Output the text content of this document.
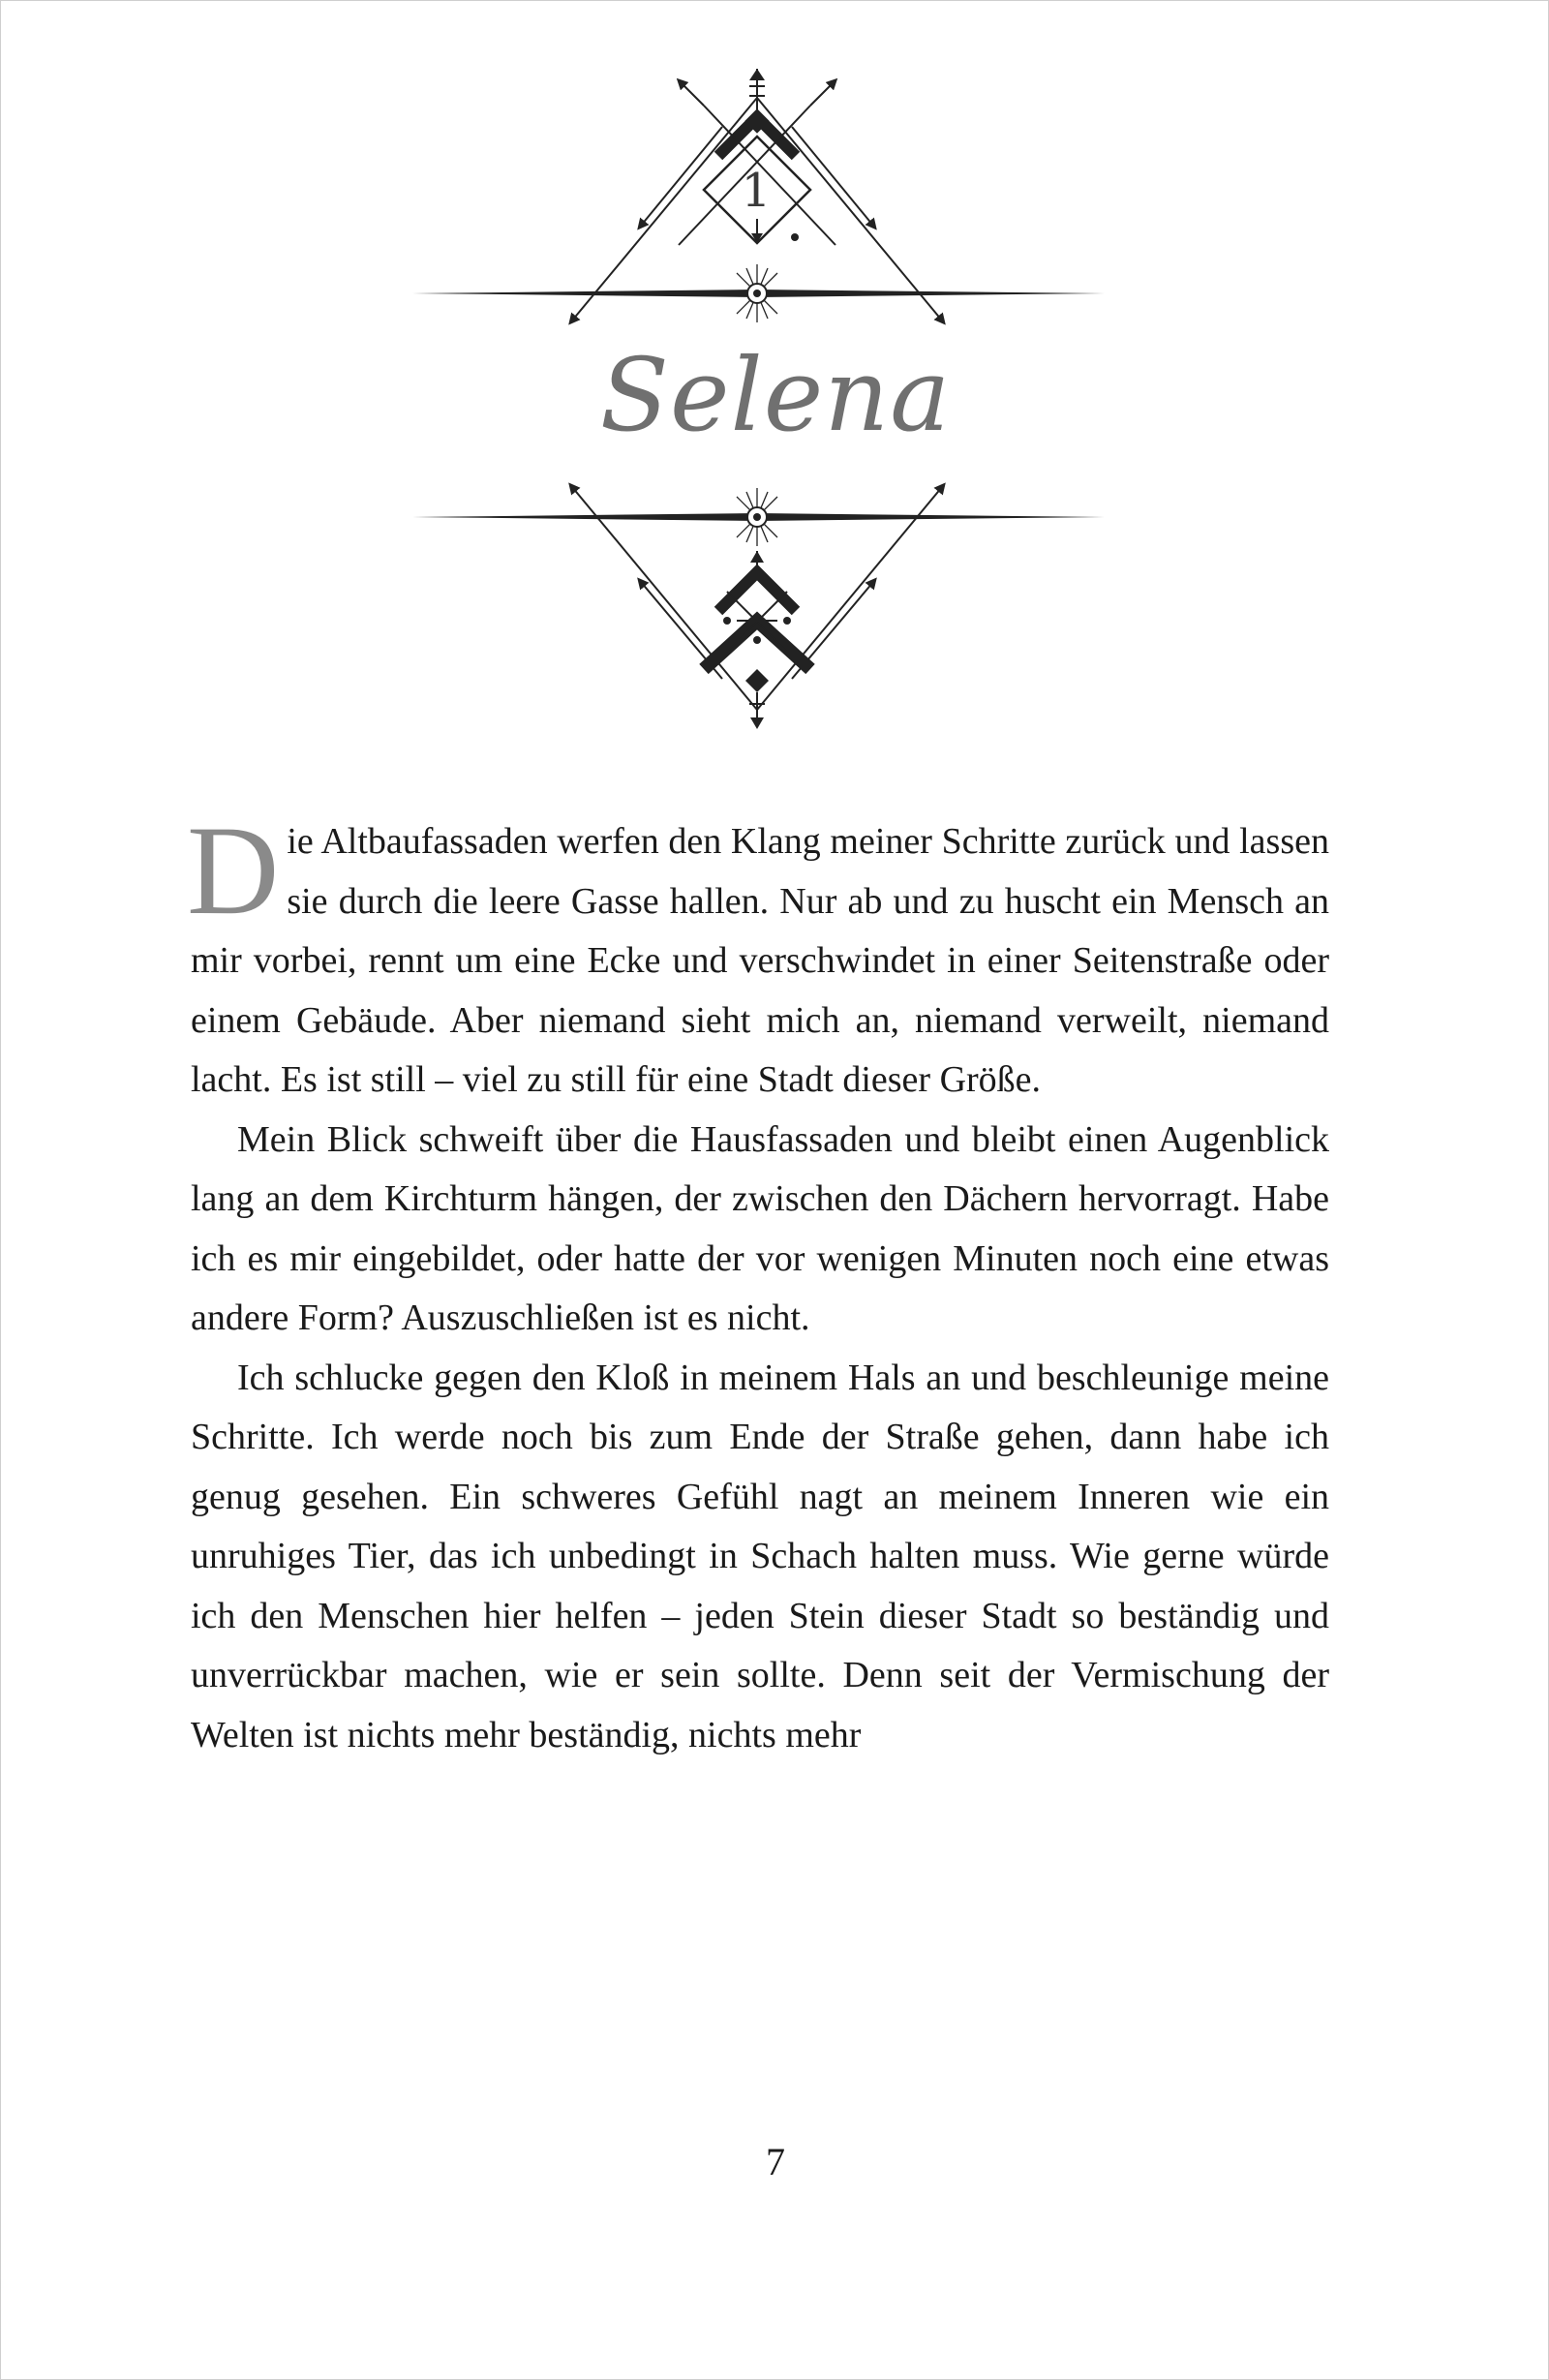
1
Selena

Die Altbaufassaden werfen den Klang meiner Schritte zurück und lassen sie durch die leere Gasse hallen. Nur ab und zu huscht ein Mensch an mir vorbei, rennt um eine Ecke und verschwindet in einer Seitenstraße oder einem Gebäude. Aber niemand sieht mich an, niemand verweilt, niemand lacht. Es ist still – viel zu still für eine Stadt dieser Größe.

Mein Blick schweift über die Hausfassaden und bleibt einen Augenblick lang an dem Kirchturm hängen, der zwischen den Dächern hervorragt. Habe ich es mir eingebildet, oder hatte der vor wenigen Minuten noch eine etwas andere Form? Auszuschließen ist es nicht.

Ich schlucke gegen den Kloß in meinem Hals an und beschleunige meine Schritte. Ich werde noch bis zum Ende der Straße gehen, dann habe ich genug gesehen. Ein schweres Gefühl nagt an meinem Inneren wie ein unruhiges Tier, das ich unbedingt in Schach halten muss. Wie gerne würde ich den Menschen hier helfen – jeden Stein dieser Stadt so beständig und unverrückbar machen, wie er sein sollte. Denn seit der Vermischung der Welten ist nichts mehr beständig, nichts mehr

7
